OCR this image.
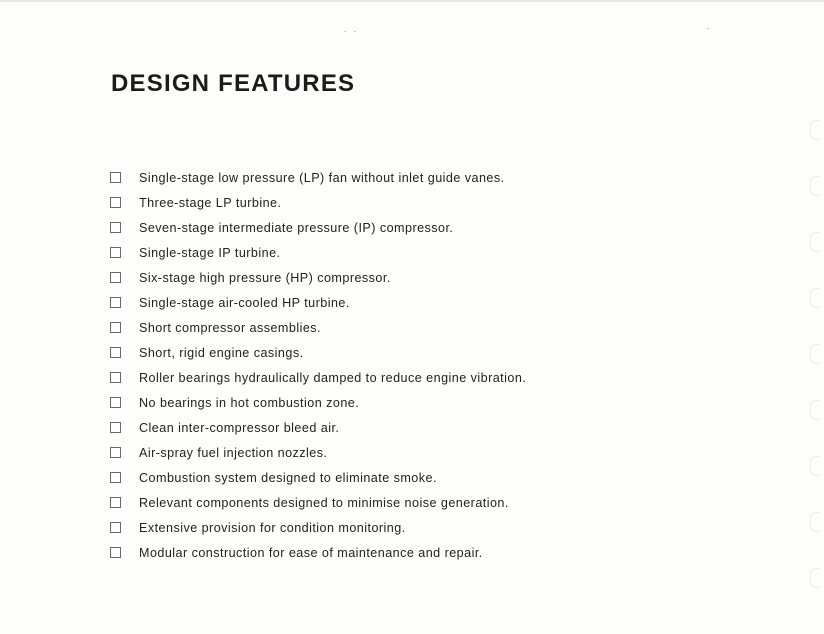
DESIGN FEATURES
Single-stage low pressure (LP) fan without inlet guide vanes.
Three-stage LP turbine.
Seven-stage intermediate pressure (IP) compressor.
Single-stage IP turbine.
Six-stage high pressure (HP) compressor.
Single-stage air-cooled HP turbine.
Short compressor assemblies.
Short, rigid engine casings.
Roller bearings hydraulically damped to reduce engine vibration.
No bearings in hot combustion zone.
Clean inter-compressor bleed air.
Air-spray fuel injection nozzles.
Combustion system designed to eliminate smoke.
Relevant components designed to minimise noise generation.
Extensive provision for condition monitoring.
Modular construction for ease of maintenance and repair.
